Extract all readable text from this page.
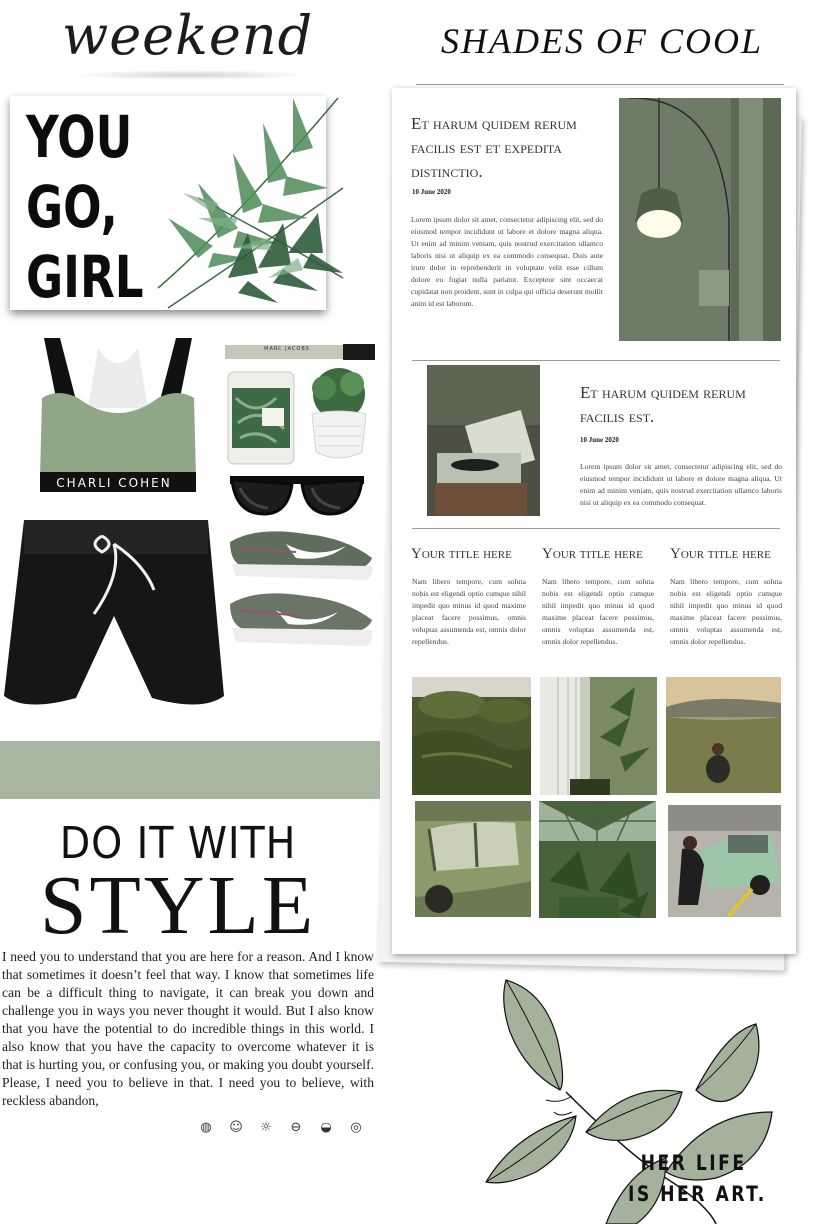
weekend
YOU
GO,
GIRL
CHARLI COHEN
MARC JACOBS
DO IT WITH
STYLE
I need you to understand that you are here for a reason. And I know that sometimes it doesn’t feel that way. I know that sometimes life can be a difficult thing to navigate, it can break you down and challenge you in ways you never thought it would. But I also know that you have the potential to do incredible things in this world. I also know that you have the capacity to overcome whatever it is that is hurting you, or confusing you, or making you doubt yourself. Please, I need you to believe in that. I need you to believe, with reckless abandon,
◍ ☺ ☼ ⊖ ◒ ◎
SHADES OF COOL
Et harum quidem rerum facilis est et expedita distinctio.
10 June 2020
Lorem ipsum dolor sit amet, consectetur adipiscing elit, sed do eiusmod tempor incididunt ut labore et dolore magna aliqua. Ut enim ad minim veniam, quis nostrud exercitation ullamco laboris nisi ut aliquip ex ea commodo consequat. Duis aute irure dolor in reprehenderit in voluptate velit esse cillum dolore eu fugiat nulla pariatur. Excepteur sint occaecat cupidatat non proident, sunt in culpa qui officia deserunt mollit anim id est laborum.
Et harum quidem rerum facilis est.
10 June 2020
Lorem ipsum dolor sit amet, consectetur adipiscing elit, sed do eiusmod tempor incididunt ut labore et dolore magna aliqua. Ut enim ad minim veniam, quis nostrud exercitation ullamco laboris nisi ut aliquip ex ea commodo consequat.
Your title here
Nam libero tempore, cum soluta nobis est eligendi optio cumque nihil impedit quo minus id quod maxime placeat facere possimus, omnis voluptas assumenda est, omnis dolor repellendus.
Your title here
Nam libero tempore, cum soluta nobis est eligendi optio cumque nihil impedit quo minus id quod maxime placeat facere possimus, omnis voluptas assumenda est, omnis dolor repellendus.
Your title here
Nam libero tempore, cum soluta nobis est eligendi optio cumque nihil impedit quo minus id quod maxime placeat facere possimus, omnis voluptas assumenda est, omnis dolor repellendus.
HER LIFE
IS HER ART.
